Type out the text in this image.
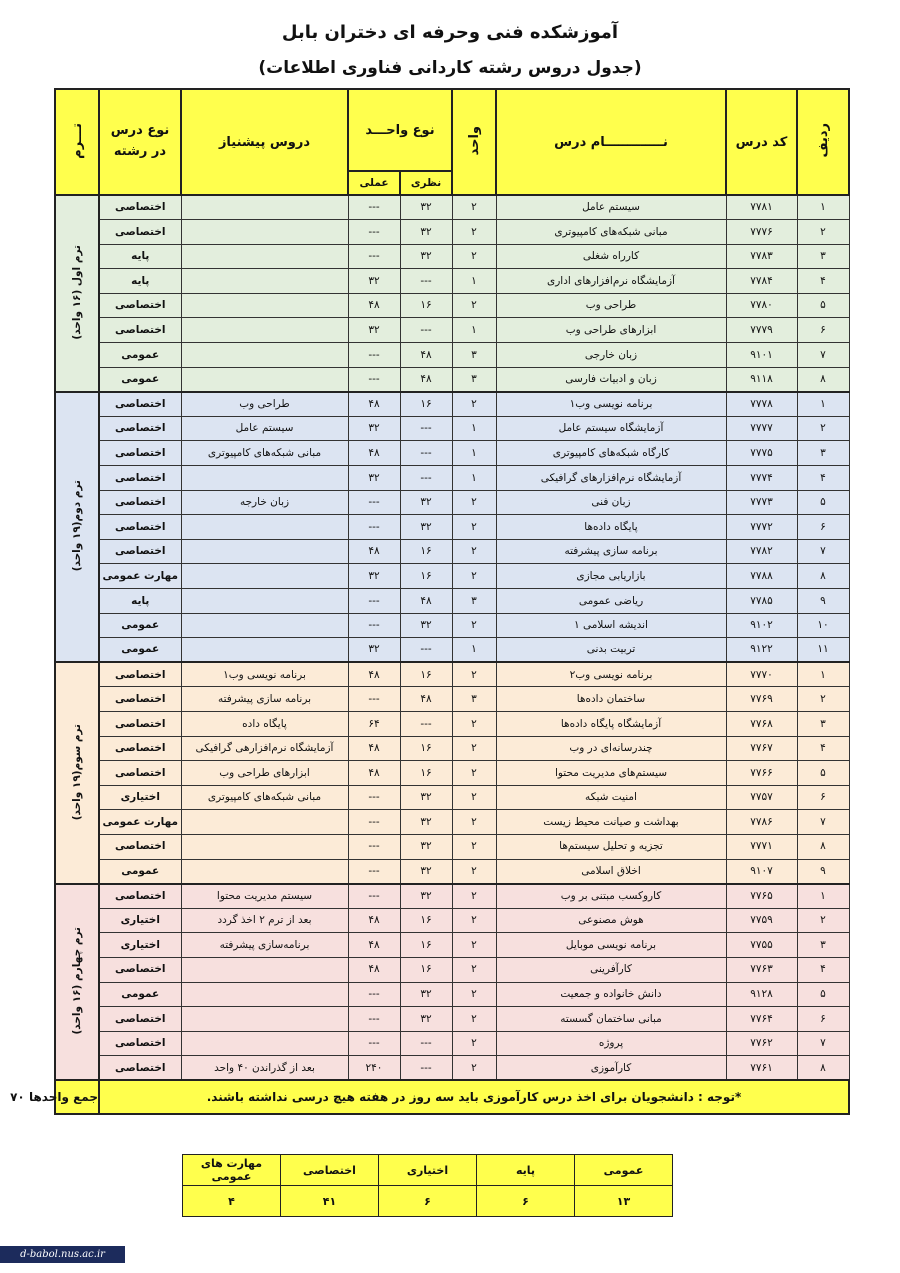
آموزشکده فنی وحرفه ای دختران بابل
(جدول دروس رشته کاردانی فناوری اطلاعات)
ردیف	کد درس	نـــــــــــــام درس	واحد	نوع واحـــد		دروس پیشنیاز	نوع درس در رشته	تـــرم
				نظری	عملی			
۱	۷۷۸۱	سیستم عامل	۲	۳۲	---		اختصاصی	ترم اول (۱۶ واحد)
۲	۷۷۷۶	مبانی شبکه‌های کامپیوتری	۲	۳۲	---		اختصاصی	
۳	۷۷۸۳	کارراه شغلی	۲	۳۲	---		پایه	
۴	۷۷۸۴	آزمایشگاه نرم‌افزارهای اداری	۱	---	۳۲		پایه	
۵	۷۷۸۰	طراحی وب	۲	۱۶	۴۸		اختصاصی	
۶	۷۷۷۹	ابزارهای طراحی وب	۱	---	۳۲		اختصاصی	
۷	۹۱۰۱	زبان خارجی	۳	۴۸	---		عمومی	
۸	۹۱۱۸	زبان و ادبیات فارسی	۳	۴۸	---		عمومی	
۱	۷۷۷۸	برنامه نویسی وب۱	۲	۱۶	۴۸	طراحی وب	اختصاصی	ترم دوم(۱۹ واحد)
۲	۷۷۷۷	آزمایشگاه سیستم عامل	۱	---	۳۲	سیستم عامل	اختصاصی	
۳	۷۷۷۵	کارگاه شبکه‌های کامپیوتری	۱	---	۴۸	مبانی شبکه‌های کامپیوتری	اختصاصی	
۴	۷۷۷۴	آزمایشگاه نرم‌افزارهای گرافیکی	۱	---	۳۲		اختصاصی	
۵	۷۷۷۳	زبان فنی	۲	۳۲	---	زبان خارجه	اختصاصی	
۶	۷۷۷۲	پایگاه داده‌ها	۲	۳۲	---		اختصاصی	
۷	۷۷۸۲	برنامه سازی پیشرفته	۲	۱۶	۴۸		اختصاصی	
۸	۷۷۸۸	بازاریابی مجازی	۲	۱۶	۳۲		مهارت عمومی	
۹	۷۷۸۵	ریاضی عمومی	۳	۴۸	---		پایه	
۱۰	۹۱۰۲	اندیشه اسلامی ۱	۲	۳۲	---		عمومی	
۱۱	۹۱۲۲	تربیت بدنی	۱	---	۳۲		عمومی	
۱	۷۷۷۰	برنامه نویسی وب۲	۲	۱۶	۴۸	برنامه نویسی وب۱	اختصاصی	ترم سوم(۱۹ واحد)
۲	۷۷۶۹	ساختمان داده‌ها	۳	۴۸	---	برنامه سازی پیشرفته	اختصاصی	
۳	۷۷۶۸	آزمایشگاه پایگاه داده‌ها	۲	---	۶۴	پایگاه داده	اختصاصی	
۴	۷۷۶۷	چندرسانه‌ای در وب	۲	۱۶	۴۸	آزمایشگاه نرم‌افزارهی گرافیکی	اختصاصی	
۵	۷۷۶۶	سیستم‌های مدیریت محتوا	۲	۱۶	۴۸	ابزارهای طراحی وب	اختصاصی	
۶	۷۷۵۷	امنیت شبکه	۲	۳۲	---	مبانی شبکه‌های کامپیوتری	اختیاری	
۷	۷۷۸۶	بهداشت و صیانت محیط زیست	۲	۳۲	---		مهارت عمومی	
۸	۷۷۷۱	تجزیه و تحلیل سیستم‌ها	۲	۳۲	---		اختصاصی	
۹	۹۱۰۷	اخلاق اسلامی	۲	۳۲	---		عمومی	
۱	۷۷۶۵	کاروکسب مبتنی بر وب	۲	۳۲	---	سیستم مدیریت محتوا	اختصاصی	ترم چهارم (۱۶ واحد)
۲	۷۷۵۹	هوش مصنوعی	۲	۱۶	۴۸	بعد از ترم ۲ اخذ گردد	اختیاری	
۳	۷۷۵۵	برنامه نویسی موبایل	۲	۱۶	۴۸	برنامه‌سازی پیشرفته	اختیاری	
۴	۷۷۶۳	کارآفرینی	۲	۱۶	۴۸		اختصاصی	
۵	۹۱۲۸	دانش خانواده و جمعیت	۲	۳۲	---		عمومی	
۶	۷۷۶۴	مبانی ساختمان گسسته	۲	۳۲	---		اختصاصی	
۷	۷۷۶۲	پروژه	۲	---	---		اختصاصی	
۸	۷۷۶۱	کارآموزی	۲	---	۲۴۰	بعد از گذراندن ۴۰ واحد	اختصاصی	
*توجه : دانشجویان برای اخذ درس کارآموزی باید سه روز در هفته هیچ درسی نداشته باشند.								جمع واحدها ۷۰
عمومی	پایه	اختیاری	اختصاصی	مهارت های عمومی
۱۳	۶	۶	۴۱	۴
d-babol.nus.ac.ir
